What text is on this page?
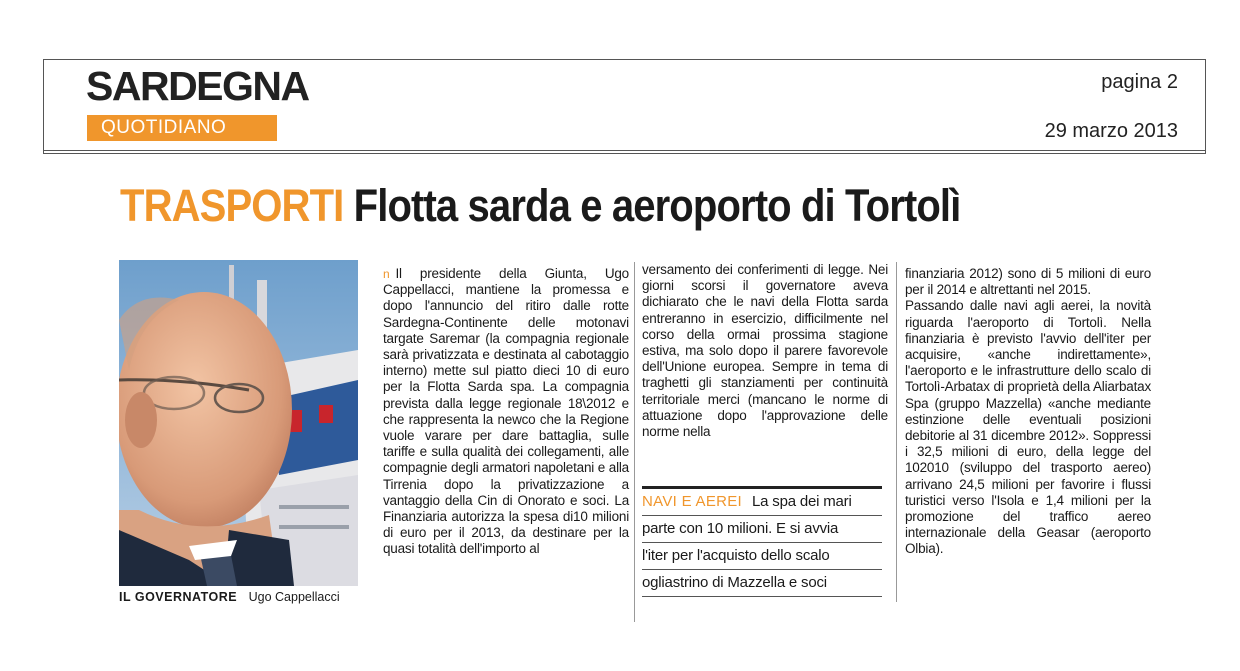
SARDEGNA
QUOTIDIANO
pagina 2
29 marzo 2013
TRASPORTI Flotta sarda e aeroporto di Tortolì
IL GOVERNATORE Ugo Cappellacci

n Il presidente della Giunta, Ugo Cappellacci, mantiene la promessa e dopo l'annuncio del ritiro dalle rotte Sardegna-Continente delle motonavi targate Saremar (la compagnia regionale sarà privatizzata e destinata al cabotaggio interno) mette sul piatto dieci 10 di euro per la Flotta Sarda spa. La compagnia prevista dalla legge regionale 18\2012 e che rappresenta la newco che la Regione vuole varare per dare battaglia, sulle tariffe e sulla qualità dei collegamenti, alle compagnie degli armatori napoletani e alla Tirrenia dopo la privatizzazione a vantaggio della Cin di Onorato e soci. La Finanziaria autorizza la spesa di10 milioni di euro per il 2013, da destinare per la quasi totalità dell'importo al

versamento dei conferimenti di legge. Nei giorni scorsi il governatore aveva dichiarato che le navi della Flotta sarda entreranno in esercizio, difficilmente nel corso della ormai prossima stagione estiva, ma solo dopo il parere favorevole dell'Unione europea. Sempre in tema di traghetti gli stanziamenti per continuità territoriale merci (mancano le norme di attuazione dopo l'approvazione delle norme nella

NAVI E AEREI La spa dei mari
parte con 10 milioni. E si avvia
l'iter per l'acquisto dello scalo
ogliastrino di Mazzella e soci

finanziaria 2012) sono di 5 milioni di euro per il 2014 e altrettanti nel 2015.
Passando dalle navi agli aerei, la novità riguarda l'aeroporto di Tortolì. Nella finanziaria è previsto l'avvio dell'iter per acquisire, «anche indirettamente», l'aeroporto e le infrastrutture dello scalo di Tortolì-Arbatax di proprietà della Aliarbatax Spa (gruppo Mazzella) «anche mediante estinzione delle eventuali posizioni debitorie al 31 dicembre 2012». Soppressi i 32,5 milioni di euro, della legge del 102010 (sviluppo del trasporto aereo) arrivano 24,5 milioni per favorire i flussi turistici verso l'Isola e 1,4 milioni per la promozione del traffico aereo internazionale della Geasar (aeroporto Olbia).
